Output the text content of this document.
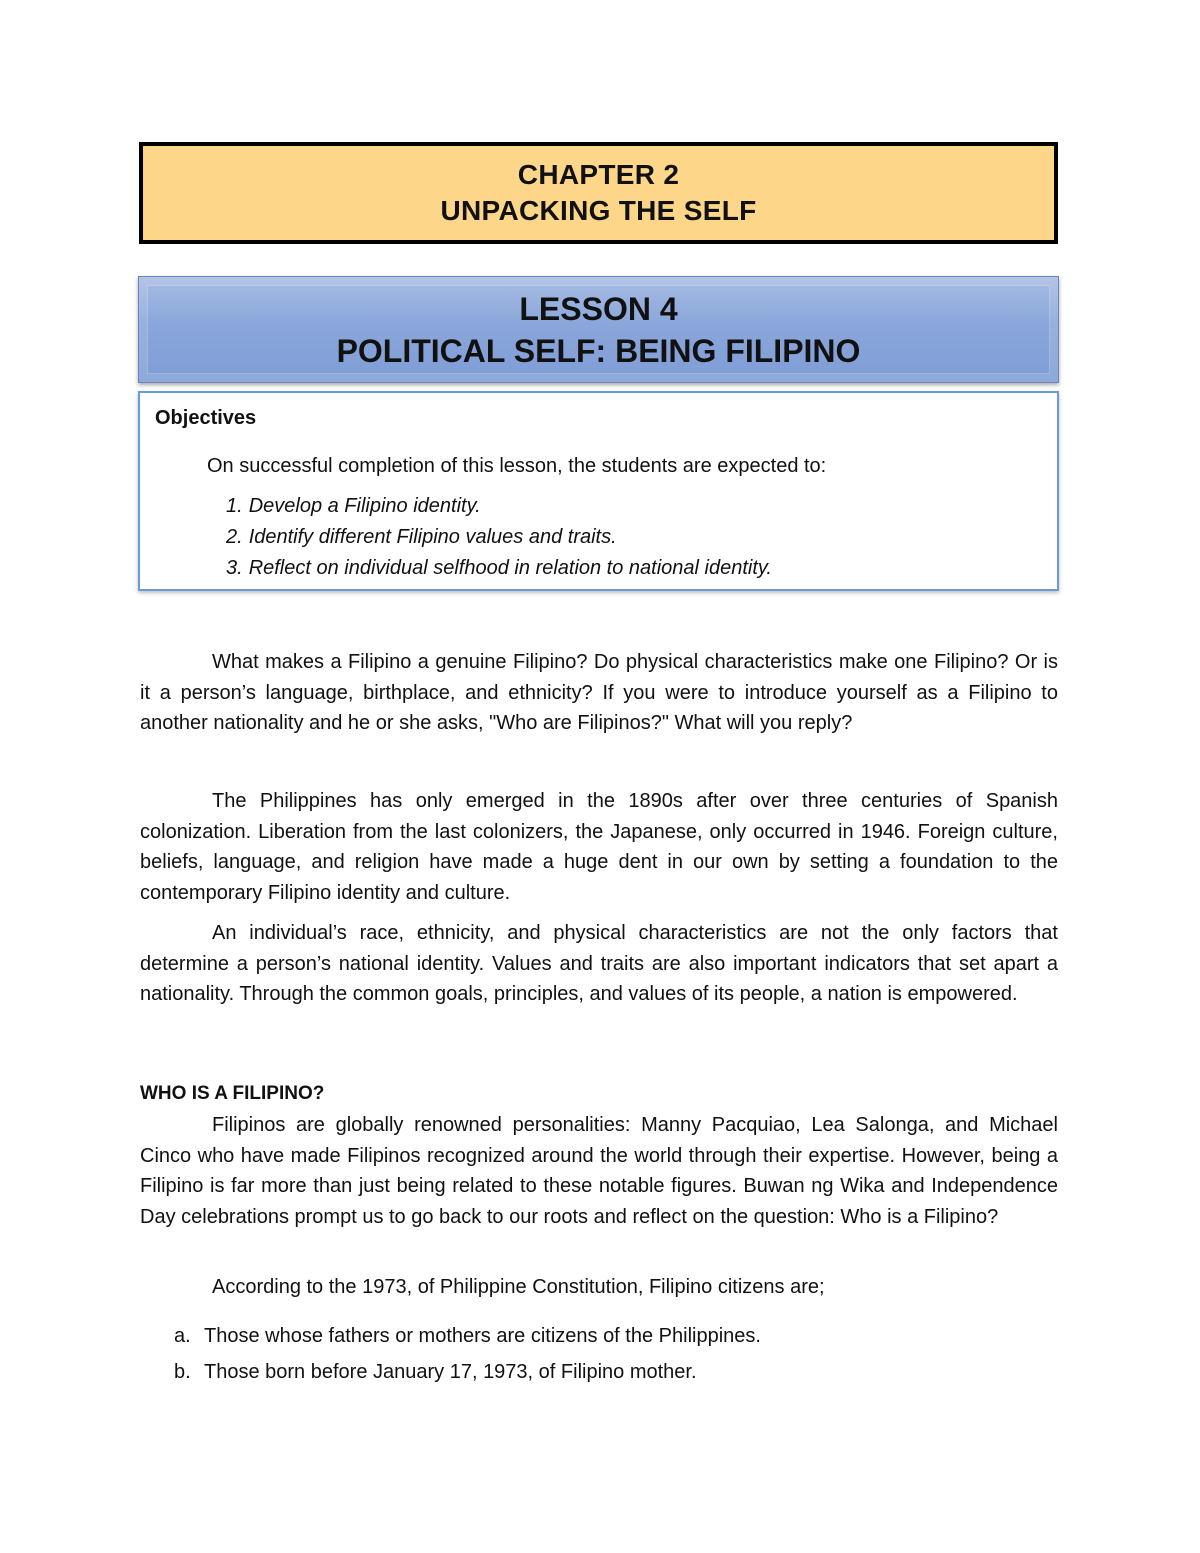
CHAPTER 2
UNPACKING THE SELF
LESSON 4
POLITICAL SELF: BEING FILIPINO
Objectives
On successful completion of this lesson, the students are expected to:
1. Develop a Filipino identity.
2. Identify different Filipino values and traits.
3. Reflect on individual selfhood in relation to national identity.

What makes a Filipino a genuine Filipino? Do physical characteristics make one Filipino? Or is it a person’s language, birthplace, and ethnicity? If you were to introduce yourself as a Filipino to another nationality and he or she asks, "Who are Filipinos?" What will you reply?

The Philippines has only emerged in the 1890s after over three centuries of Spanish colonization. Liberation from the last colonizers, the Japanese, only occurred in 1946. Foreign culture, beliefs, language, and religion have made a huge dent in our own by setting a foundation to the contemporary Filipino identity and culture.

An individual’s race, ethnicity, and physical characteristics are not the only factors that determine a person’s national identity. Values and traits are also important indicators that set apart a nationality. Through the common goals, principles, and values of its people, a nation is empowered.

WHO IS A FILIPINO?

Filipinos are globally renowned personalities: Manny Pacquiao, Lea Salonga, and Michael Cinco who have made Filipinos recognized around the world through their expertise. However, being a Filipino is far more than just being related to these notable figures. Buwan ng Wika and Independence Day celebrations prompt us to go back to our roots and reflect on the question: Who is a Filipino?

According to the 1973, of Philippine Constitution, Filipino citizens are;

a. Those whose fathers or mothers are citizens of the Philippines.
b. Those born before January 17, 1973, of Filipino mother.
